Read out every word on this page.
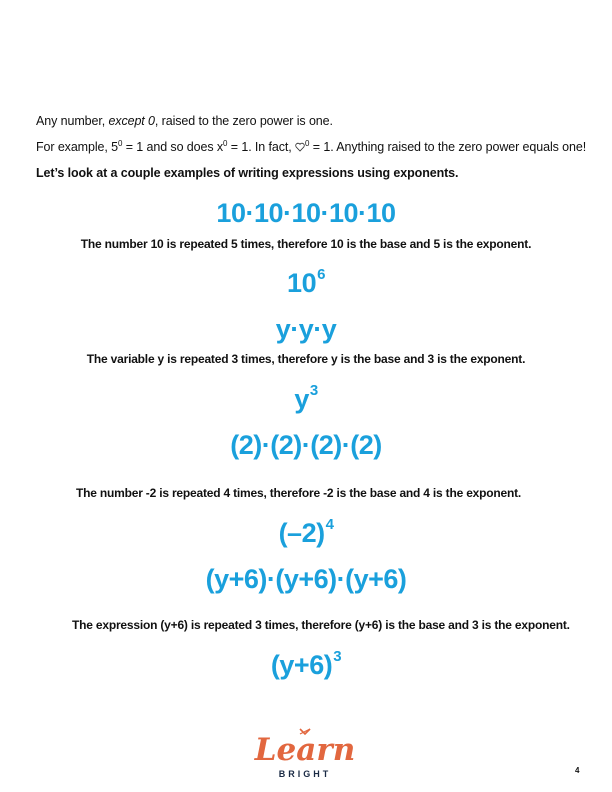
Any number, except 0, raised to the zero power is one.
For example, $5^0 = 1$ and so does $x^0 = 1$. In fact, $^0$ = 1. Anything raised to the zero power equals one!
Let’s look at a couple examples of writing expressions using exponents.
10·10·10·10·10
The number 10 is repeated 5 times, therefore 10 is the base and 5 is the exponent.
$10^6$
y·y·y
The variable y is repeated 3 times, therefore y is the base and 3 is the exponent.
$y^3$
(2)·(2)·(2)·(2)
The number -2 is repeated 4 times, therefore -2 is the base and 4 is the exponent.
$(-2)^4$
(y+6)·(y+6)·(y+6)
The expression (y+6) is repeated 3 times, therefore (y+6) is the base and 3 is the exponent.
$(y+6)^3$
Learn
BRIGHT	4
